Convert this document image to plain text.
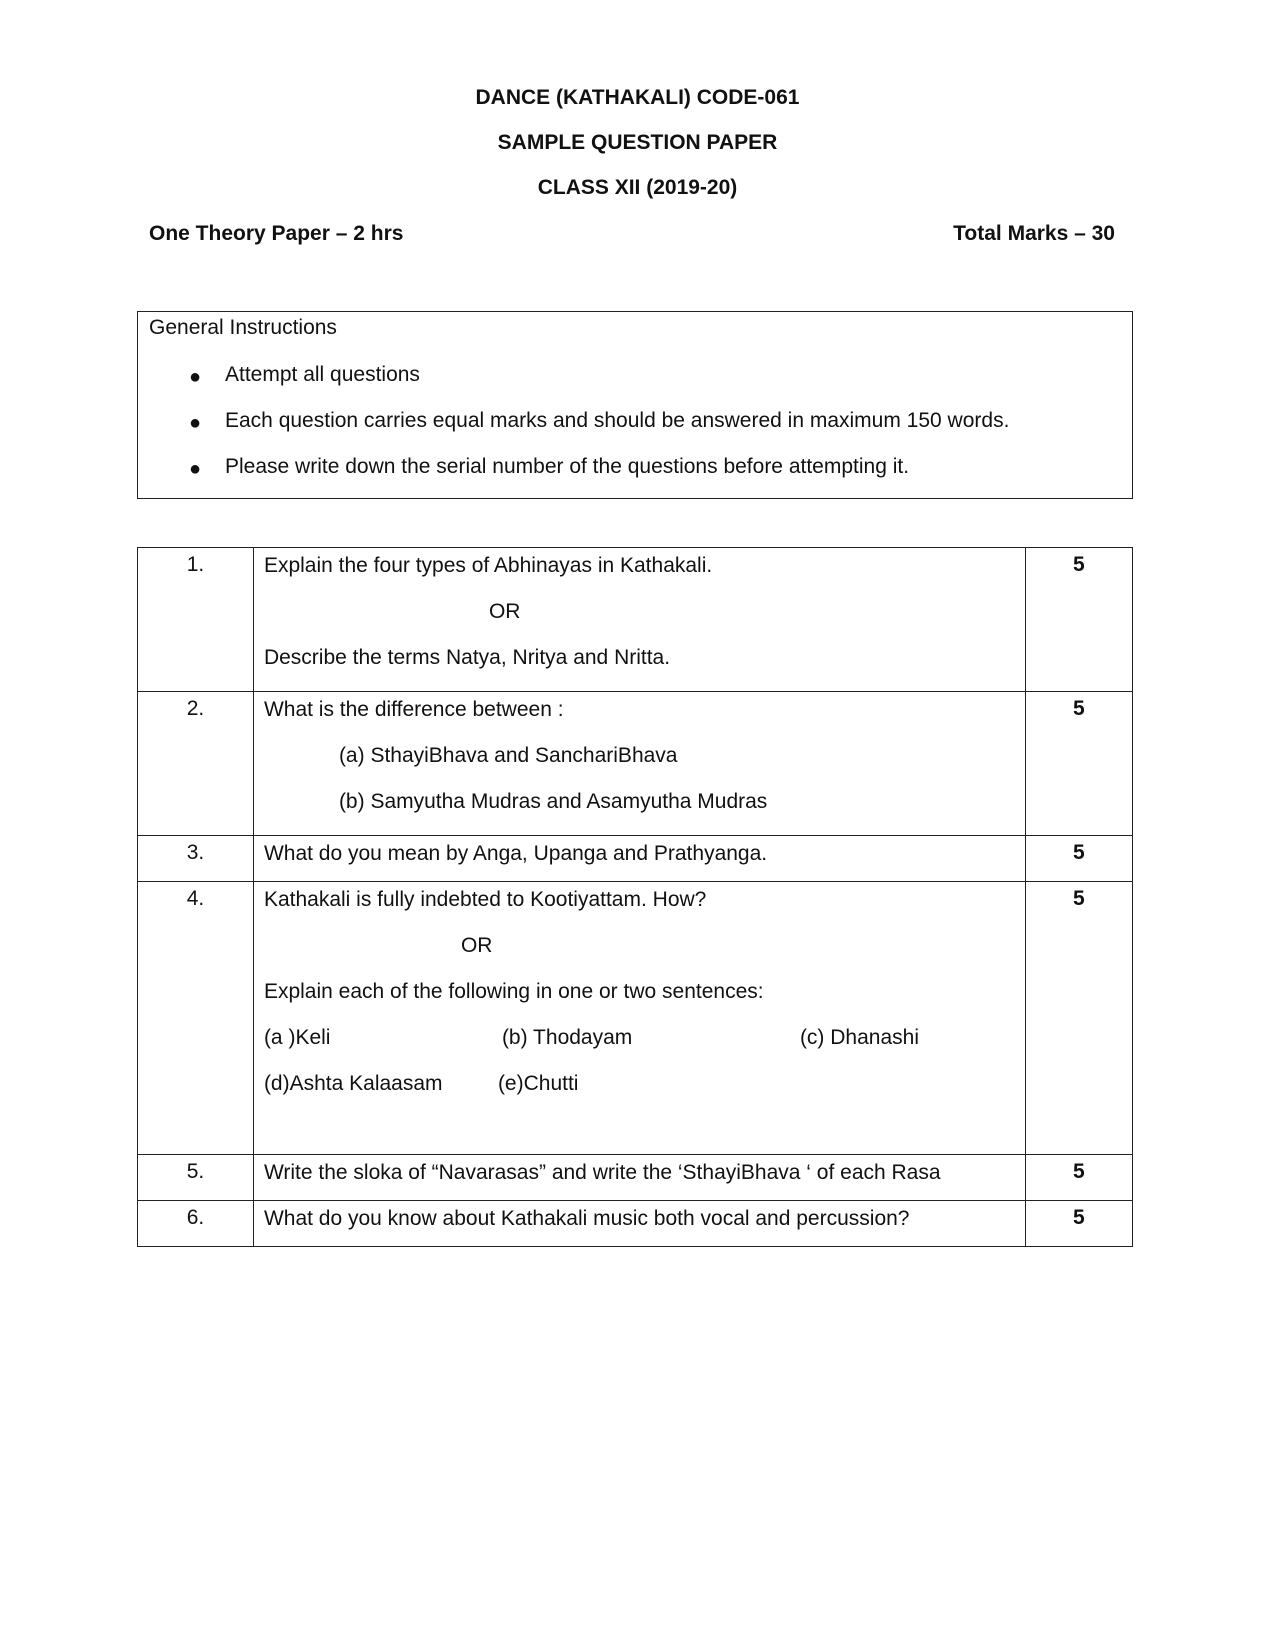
DANCE (KATHAKALI) CODE-061
SAMPLE QUESTION PAPER
CLASS XII (2019-20)
One Theory Paper – 2 hrs	Total Marks – 30
General Instructions
● Attempt all questions
● Each question carries equal marks and should be answered in maximum 150 words.
● Please write down the serial number of the questions before attempting it.
1.	Explain the four types of Abhinayas in Kathakali.
OR
Describe the terms Natya, Nritya and Nritta.	5
2.	What is the difference between :
(a) SthayiBhava and SanchariBhava
(b) Samyutha Mudras and Asamyutha Mudras	5
3.	What do you mean by Anga, Upanga and Prathyanga.	5
4.	Kathakali is fully indebted to Kootiyattam. How?
OR
Explain each of the following in one or two sentences:
(a )Keli (b) Thodayam (c) Dhanashi
(d)Ashta Kalaasam (e)Chutti	5
5.	Write the sloka of “Navarasas” and write the ‘SthayiBhava ‘ of each Rasa	5
6.	What do you know about Kathakali music both vocal and percussion?	5
